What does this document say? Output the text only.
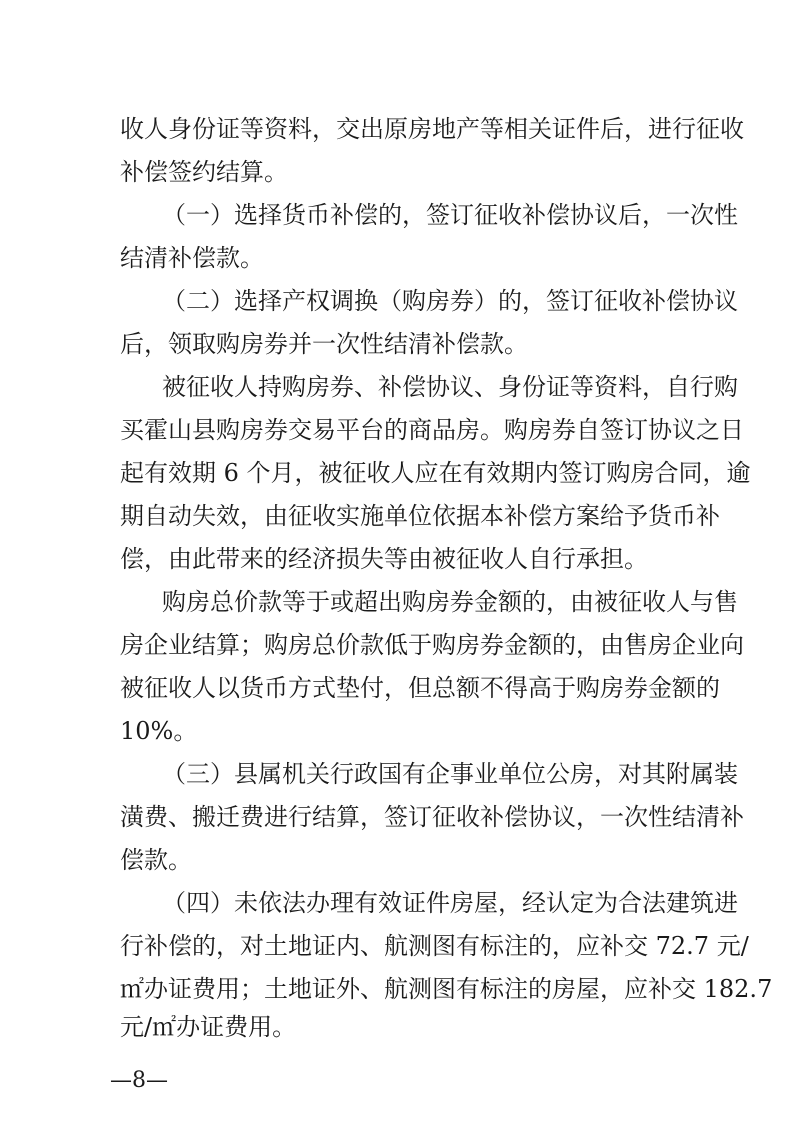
收人身份证等资料，交出原房地产等相关证件后，进行征收
补偿签约结算。
（一）选择货币补偿的，签订征收补偿协议后，一次性
结清补偿款。
（二）选择产权调换（购房券）的，签订征收补偿协议
后，领取购房券并一次性结清补偿款。
被征收人持购房券、补偿协议、身份证等资料，自行购
买霍山县购房券交易平台的商品房。购房券自签订协议之日
起有效期 6 个月，被征收人应在有效期内签订购房合同，逾
期自动失效，由征收实施单位依据本补偿方案给予货币补
偿，由此带来的经济损失等由被征收人自行承担。
购房总价款等于或超出购房券金额的，由被征收人与售
房企业结算；购房总价款低于购房券金额的，由售房企业向
被征收人以货币方式垫付，但总额不得高于购房券金额的
10%。
（三）县属机关行政国有企事业单位公房，对其附属装
潢费、搬迁费进行结算，签订征收补偿协议，一次性结清补
偿款。
（四）未依法办理有效证件房屋，经认定为合法建筑进
行补偿的，对土地证内、航测图有标注的，应补交 72.7 元/
㎡办证费用；土地证外、航测图有标注的房屋，应补交 182.7
元/㎡办证费用。
—8—
